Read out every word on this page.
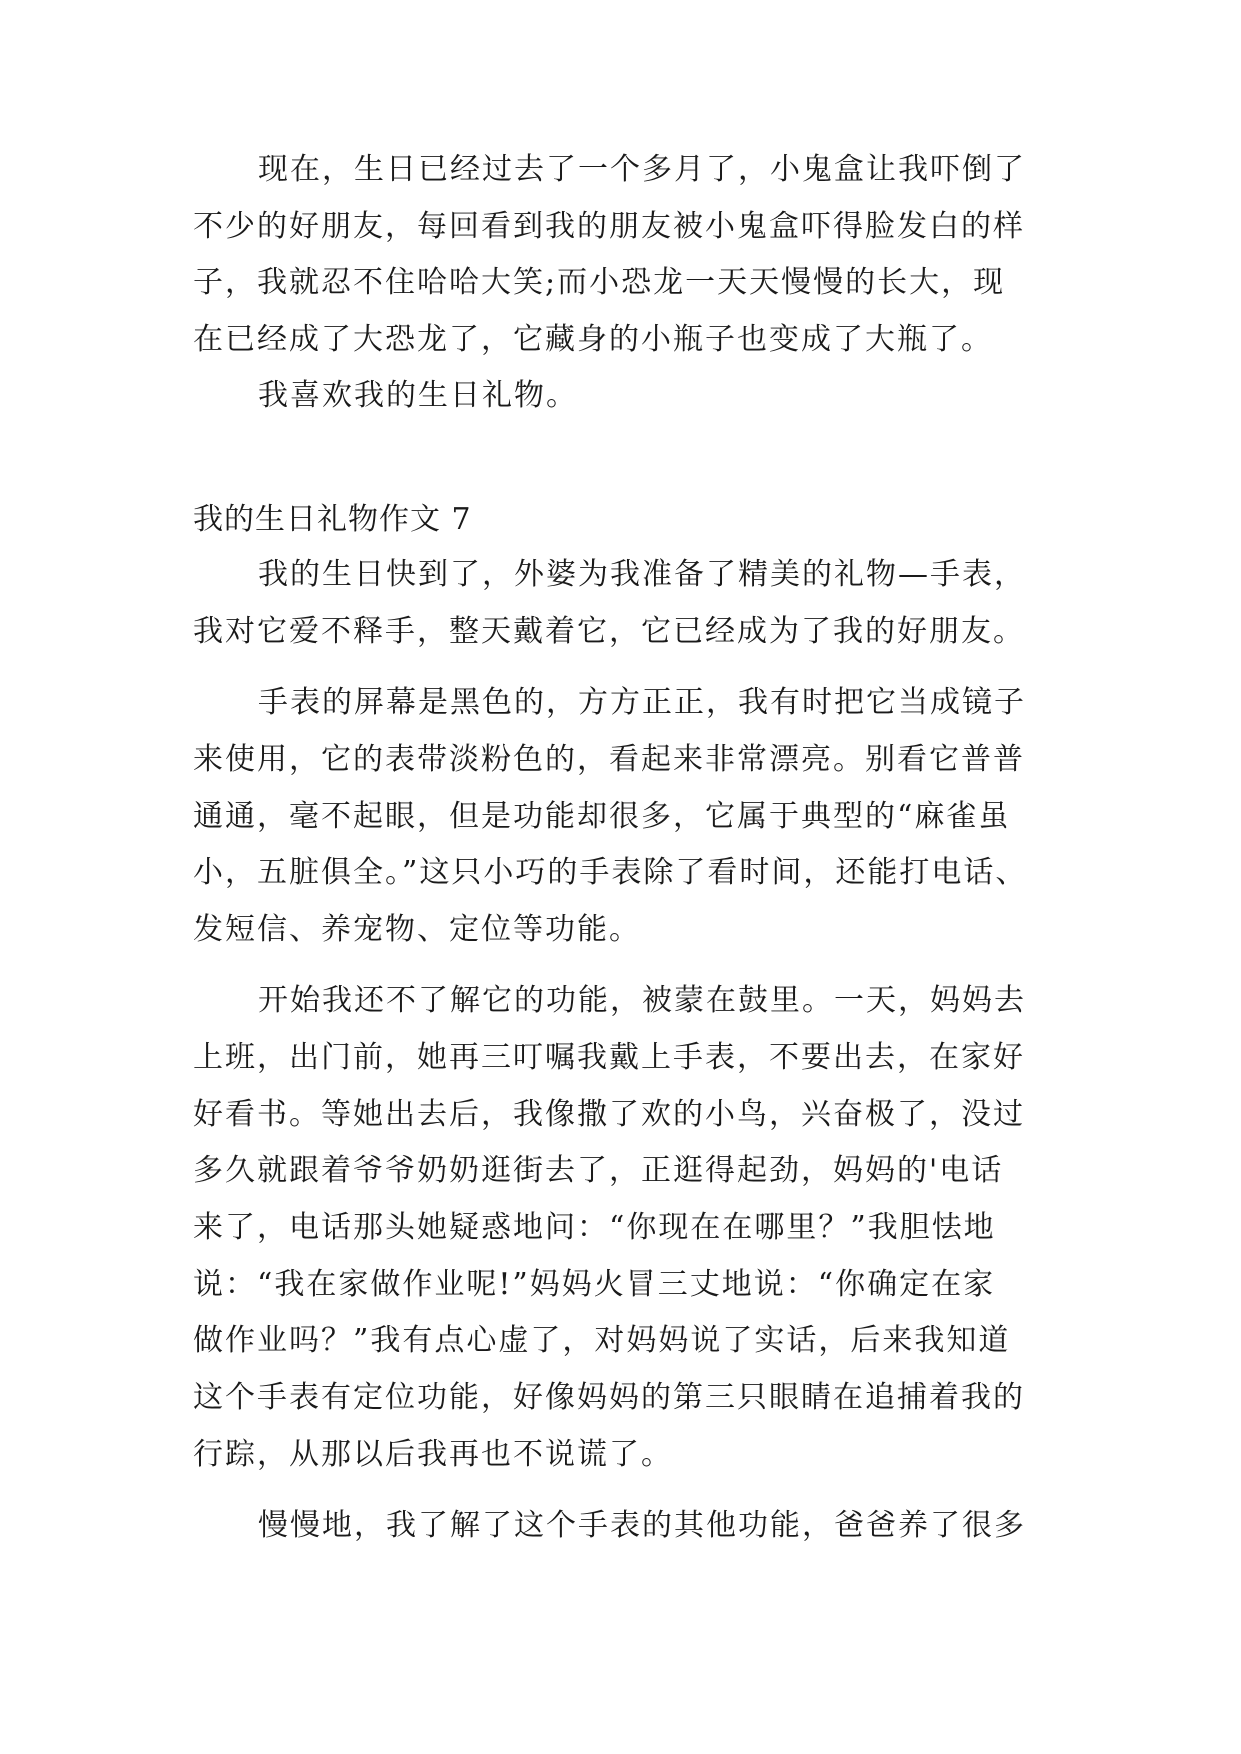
现在，生日已经过去了一个多月了，小鬼盒让我吓倒了
不少的好朋友，每回看到我的朋友被小鬼盒吓得脸发白的样
子，我就忍不住哈哈大笑;而小恐龙一天天慢慢的长大，现
在已经成了大恐龙了，它藏身的小瓶子也变成了大瓶了。
我喜欢我的生日礼物。
我的生日礼物作文 7
我的生日快到了，外婆为我准备了精美的礼物—手表，
我对它爱不释手，整天戴着它，它已经成为了我的好朋友。
手表的屏幕是黑色的，方方正正，我有时把它当成镜子
来使用，它的表带淡粉色的，看起来非常漂亮。别看它普普
通通，毫不起眼，但是功能却很多，它属于典型的“麻雀虽
小，五脏俱全。”这只小巧的手表除了看时间，还能打电话、
发短信、养宠物、定位等功能。
开始我还不了解它的功能，被蒙在鼓里。一天，妈妈去
上班，出门前，她再三叮嘱我戴上手表，不要出去，在家好
好看书。等她出去后，我像撒了欢的小鸟，兴奋极了，没过
多久就跟着爷爷奶奶逛街去了，正逛得起劲，妈妈的'电话
来了，电话那头她疑惑地问：“你现在在哪里？”我胆怯地
说：“我在家做作业呢!”妈妈火冒三丈地说：“你确定在家
做作业吗？”我有点心虚了，对妈妈说了实话，后来我知道
这个手表有定位功能，好像妈妈的第三只眼睛在追捕着我的
行踪，从那以后我再也不说谎了。
慢慢地，我了解了这个手表的其他功能，爸爸养了很多
